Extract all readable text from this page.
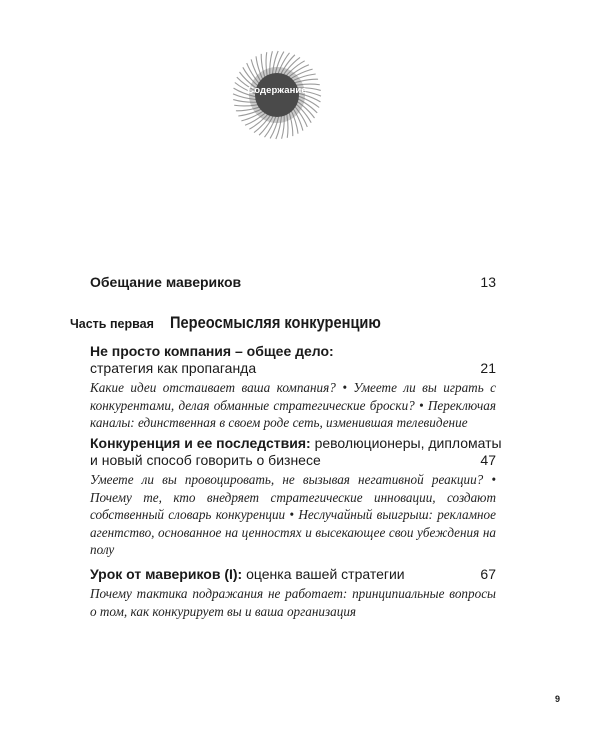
Содержание
Обещание мавериков	13
Часть первая Переосмысляя конкуренцию
Не просто компания – общее дело:
стратегия как пропаганда	21
Какие идеи отстаивает ваша компания? • Умеете ли вы играть с конкурентами, делая обманные стратегические броски? • Переключая каналы: единственная в своем роде сеть, изменившая телевидение
Конкуренция и ее последствия: революционеры, дипломаты
и новый способ говорить о бизнесе	47
Умеете ли вы провоцировать, не вызывая негативной реакции? • Почему те, кто внедряет стратегические инновации, создают собственный словарь конкуренции • Неслучайный выигрыш: рекламное агентство, основанное на ценностях и высекающее свои убеждения на полу
Урок от мавериков (I): оценка вашей стратегии	67
Почему тактика подражания не работает: принципиальные вопросы о том, как конкурирует вы и ваша организация
9
